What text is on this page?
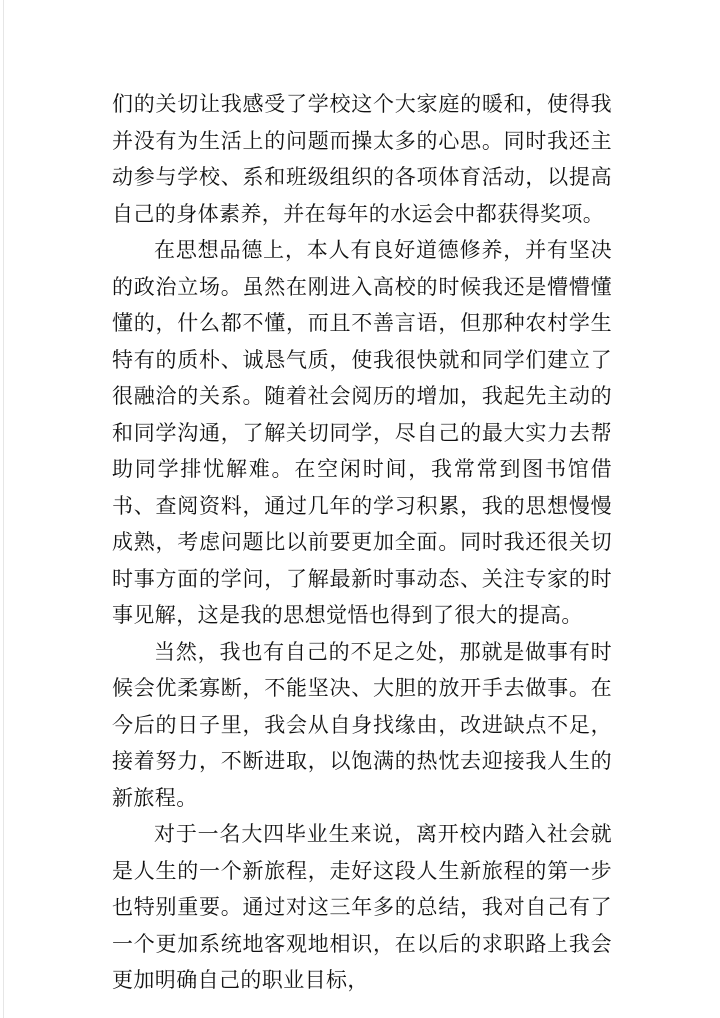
们的关切让我感受了学校这个大家庭的暖和，使得我并没有为生活上的问题而操太多的心思。同时我还主动参与学校、系和班级组织的各项体育活动，以提高自己的身体素养，并在每年的水运会中都获得奖项。

在思想品德上，本人有良好道德修养，并有坚决的政治立场。虽然在刚进入高校的时候我还是懵懵懂懂的，什么都不懂，而且不善言语，但那种农村学生特有的质朴、诚恳气质，使我很快就和同学们建立了很融洽的关系。随着社会阅历的增加，我起先主动的和同学沟通，了解关切同学，尽自己的最大实力去帮助同学排忧解难。在空闲时间，我常常到图书馆借书、查阅资料，通过几年的学习积累，我的思想慢慢成熟，考虑问题比以前要更加全面。同时我还很关切时事方面的学问，了解最新时事动态、关注专家的时事见解，这是我的思想觉悟也得到了很大的提高。

当然，我也有自己的不足之处，那就是做事有时候会优柔寡断，不能坚决、大胆的放开手去做事。在今后的日子里，我会从自身找缘由，改进缺点不足，接着努力，不断进取，以饱满的热忱去迎接我人生的新旅程。

对于一名大四毕业生来说，离开校内踏入社会就是人生的一个新旅程，走好这段人生新旅程的第一步也特别重要。通过对这三年多的总结，我对自己有了一个更加系统地客观地相识，在以后的求职路上我会更加明确自己的职业目标，
